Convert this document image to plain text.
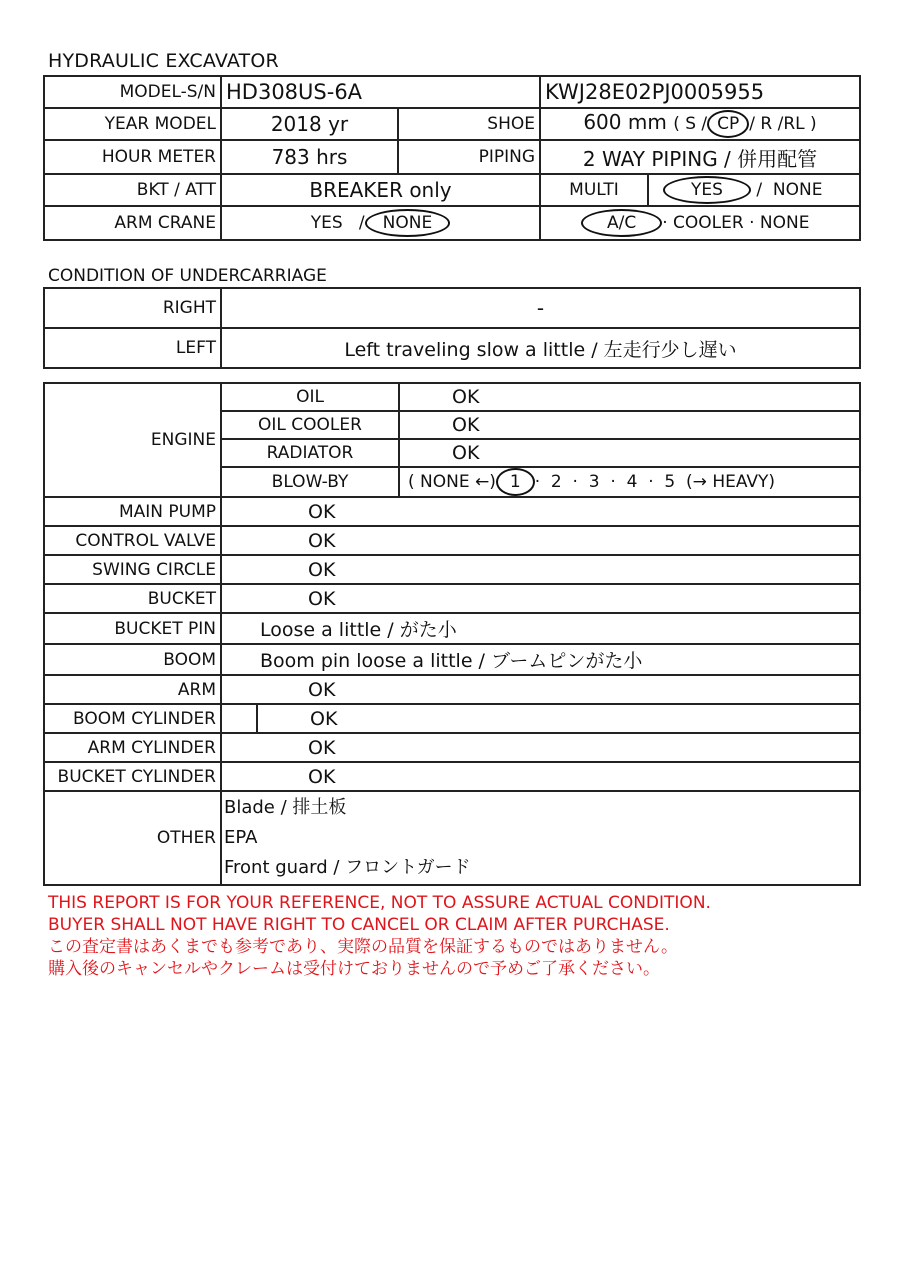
HYDRAULIC EXCAVATOR
MODEL-S/N	HD308US-6A		KWJ28E02PJ0005955	
YEAR MODEL	2018 yr	SHOE	600 mm ( S / CP / R /RL )	
HOUR METER	783 hrs	PIPING	2 WAY PIPING / 併用配管	
BKT / ATT	BREAKER only		MULTI	YES / NONE
ARM CRANE	YES / NONE		A/C · COOLER · NONE	
CONDITION OF UNDERCARRIAGE
RIGHT	-
LEFT	Left traveling slow a little / 左走行少し遅い
ENGINE	OIL		OK
	OIL COOLER		OK
	RADIATOR		OK
	BLOW-BY		( NONE ←) 1 ·  2  ·  3  ·  4  ·  5  (→ HEAVY)
MAIN PUMP	OK		
CONTROL VALVE	OK		
SWING CIRCLE	OK		
BUCKET	OK		
BUCKET PIN	Loose a little / がた小		
BOOM	Boom pin loose a little / ブームピンがた小		
ARM	OK		
BOOM CYLINDER		OK	
ARM CYLINDER	OK		
BUCKET CYLINDER	OK		
OTHER	Blade / 排土板
EPA
Front guard / フロントガード		
THIS REPORT IS FOR YOUR REFERENCE, NOT TO ASSURE ACTUAL CONDITION.
BUYER SHALL NOT HAVE RIGHT TO CANCEL OR CLAIM AFTER PURCHASE.
この査定書はあくまでも参考であり、実際の品質を保証するものではありません。
購入後のキャンセルやクレームは受付けておりませんので予めご了承ください。
